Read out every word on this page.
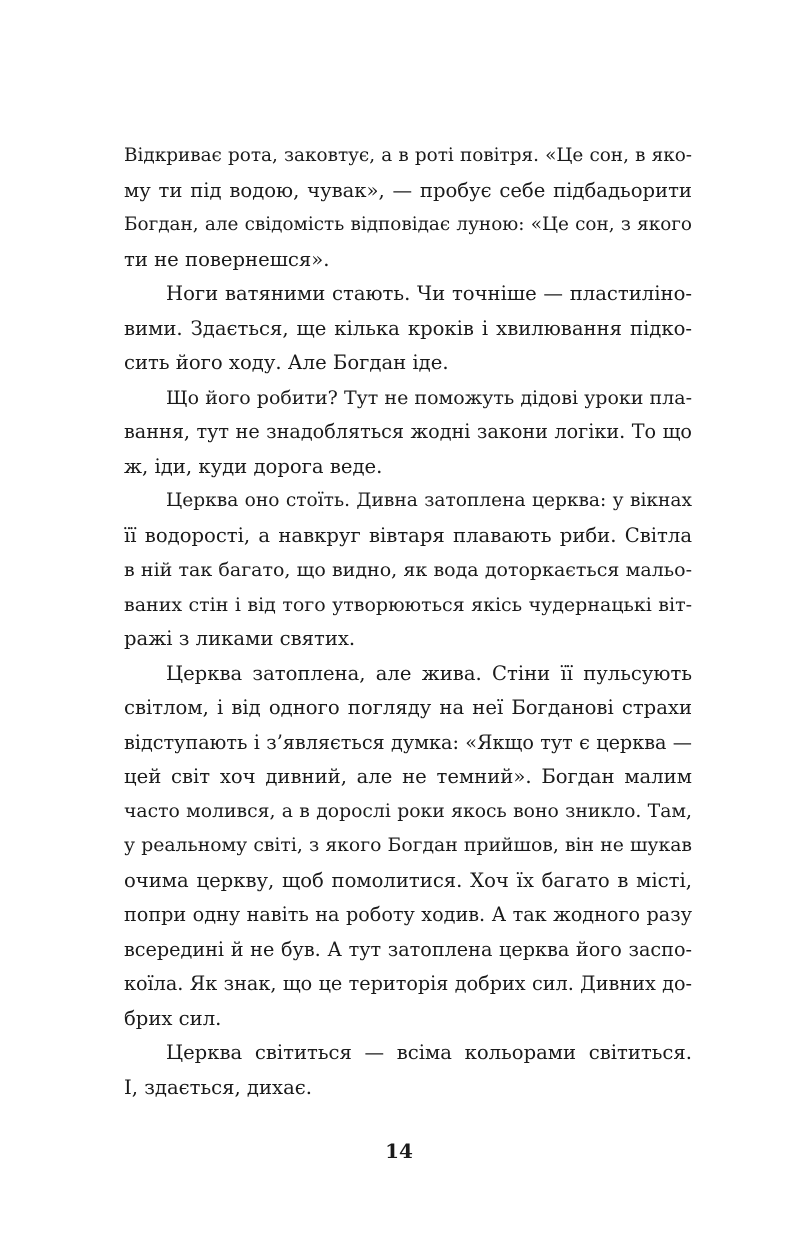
Відкриває рота, заковтує, а в роті повітря. «Це сон, в яко-
му ти під водою, чувак», — пробує себе підбадьорити
Богдан, але свідомість відповідає луною: «Це сон, з якого
ти не повернешся».
Ноги ватяними стають. Чи точніше — пластиліно-
вими. Здається, ще кілька кроків і хвилювання підко-
сить його ходу. Але Богдан іде.
Що його робити? Тут не поможуть дідові уроки пла-
вання, тут не знадобляться жодні закони логіки. То що
ж, іди, куди дорога веде.
Церква оно стоїть. Дивна затоплена церква: у вікнах
її водорості, а навкруг вівтаря плавають риби. Світла
в ній так багато, що видно, як вода доторкається мальо-
ваних стін і від того утворюються якісь чудернацькі віт-
ражі з ликами святих.
Церква затоплена, але жива. Стіни її пульсують
світлом, і від одного погляду на неї Богданові страхи
відступають і з’являється думка: «Якщо тут є церква —
цей світ хоч дивний, але не темний». Богдан малим
часто молився, а в дорослі роки якось воно зникло. Там,
у реальному світі, з якого Богдан прийшов, він не шукав
очима церкву, щоб помолитися. Хоч їх багато в місті,
попри одну навіть на роботу ходив. А так жодного разу
всередині й не був. А тут затоплена церква його заспо-
коїла. Як знак, що це територія добрих сил. Дивних до-
брих сил.
Церква світиться — всіма кольорами світиться.
І, здається, дихає.
14
